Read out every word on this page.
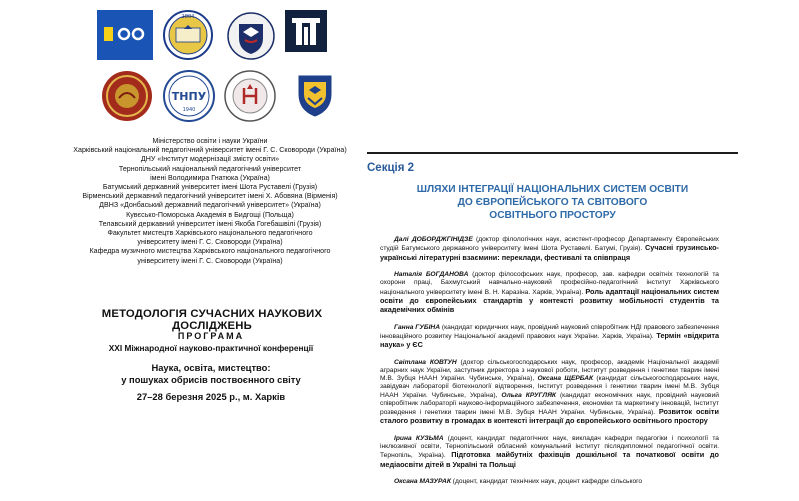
1804
ТНПУ
1940
Міністерство освіти і науки України
Харківський національний педагогічний університет імені Г. С. Сковороди (Україна)
ДНУ «Інститут модернізації змісту освіти»
Тернопільський національний педагогічний університет
імені Володимира Гнатюка (Україна)
Батумський державний університет імені Шота Руставелі (Грузія)
Вірменський державний педагогічний університет імені Х. Абовяна (Вірменія)
ДВНЗ «Донбаський державний педагогічний університет» (Україна)
Кувєсько-Поморська Академія в Бидгощі (Польща)
Телавський державний університет імені Якоба Гогебашвілі (Грузія)
Факультет мистецтв Харківського національного педагогічного
університету імені Г. С. Сковороди (Україна)
Кафедра музичного мистецтва Харківського національного педагогічного
університету імені Г. С. Сковороди (Україна)
МЕТОДОЛОГІЯ СУЧАСНИХ НАУКОВИХ ДОСЛІДЖЕНЬ
ПРОГРАМА
XXI Міжнародної науково-практичної конференції
Наука, освіта, мистецтво:
у пошуках обрисів поствоєнного світу
27–28 березня 2025 р., м. Харків
Секція 2
ШЛЯХИ ІНТЕГРАЦІЇ НАЦІОНАЛЬНИХ СИСТЕМ ОСВІТИ
ДО ЄВРОПЕЙСЬКОГО ТА СВІТОВОГО
ОСВІТНЬОГО ПРОСТОРУ

Далі ДОБОРДЖГІНІДЗЕ (доктор філологічних наук, асистент-професор Департаменту Європейських студій Батумського державного університету імені Шота Руставелі. Батумі, Грузія). Сучасні грузинсько-українські літературні взаємини: переклади, фестивалі та співпраця

Наталія БОГДАНОВА (доктор філософських наук, професор, зав. кафедри освітніх технологій та охорони праці, Бахмутський навчально-науковий професійно-педагогічний інститут Харківського національного університету імені В. Н. Каразіна. Харків, Україна). Роль адаптації національних систем освіти до європейських стандартів у контексті розвитку мобільності студентів та академічних обмінів

Ганна ГУБІНА (кандидат юридичних наук, провідний науковий співробітник НДІ правового забезпечення інноваційного розвитку Національної академії правових наук України. Харків, Україна). Термін «відкрита наука» у ЄС

Світлана КОВТУН (доктор сільськогосподарських наук, професор, академік Національної академії аграрних наук України, заступник директора з наукової роботи, Інститут розведення і генетики тварин імені М.В. Зубця НААН України. Чубинське, Україна), Оксана ЩЕРБАК (кандидат сільськогосподарських наук, завідувач лабораторії біотехнології відтворення, Інститут розведення і генетики тварин імені М.В. Зубця НААН України. Чубинське, Україна), Ольга КРУГЛЯК (кандидат економічних наук, провідний науковий співробітник лабораторії науково-інформаційного забезпечення, економіки та маркетингу інновацій, Інститут розведення і генетики тварин імені М.В. Зубця НААН України. Чубинське, Україна). Розвиток освіти сталого розвитку в громадах в контексті інтеграції до європейського освітнього простору

Ірина КУЗЬМА (доцент, кандидат педагогічних наук, викладач кафедри педагогіки і психології та інклюзивної освіти, Тернопільський обласний комунальний інститут післядипломної педагогічної освіти. Тернопіль, Україна). Підготовка майбутніх фахівців дошкільної та початкової освіти до медіаосвіти дітей в Україні та Польщі

Оксана МАЗУРАК (доцент, кандидат технічних наук, доцент кафедри сільського
